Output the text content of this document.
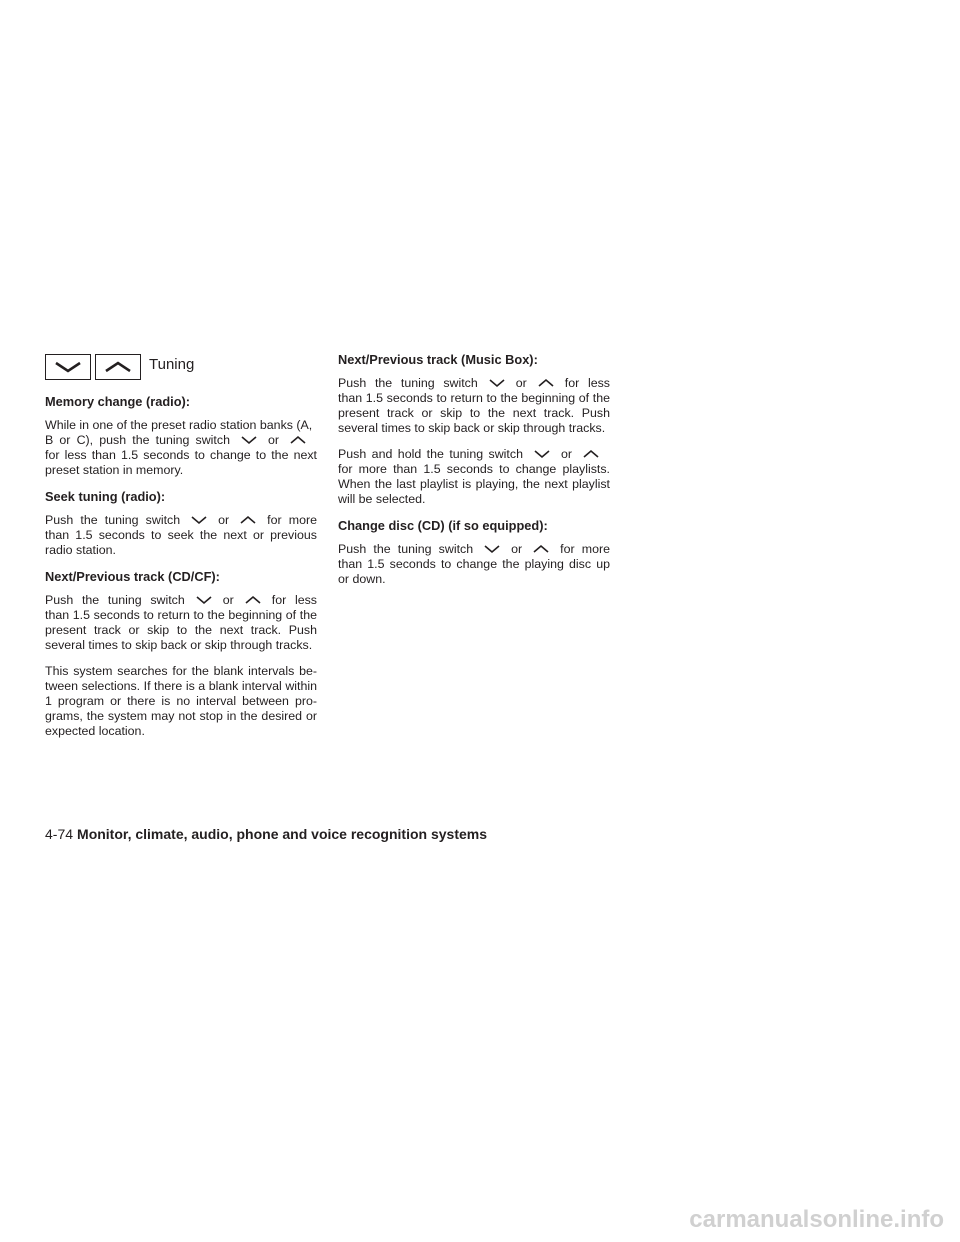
Tuning
Memory change (radio):

While in one of the preset radio station banks (A,
B or C), push the tuning switch	or
for less than 1.5 seconds to change to the next preset station in memory.

Seek tuning (radio):

Push the tuning switch	or	for more than 1.5 seconds to seek the next or previous radio station.

Next/Previous track (CD/CF):

Push the tuning switch	or	for less than 1.5 seconds to return to the beginning of the present track or skip to the next track. Push several times to skip back or skip through tracks.

This system searches for the blank intervals be-tween selections. If there is a blank interval within 1 program or there is no interval between pro-grams, the system may not stop in the desired or expected location.

Next/Previous track (Music Box):

Push the tuning switch	or	for less than 1.5 seconds to return to the beginning of the present track or skip to the next track. Push several times to skip back or skip through tracks.

Push and hold the tuning switch	or
for more than 1.5 seconds to change playlists. When the last playlist is playing, the next playlist will be selected.

Change disc (CD) (if so equipped):

Push the tuning switch	or	for more than 1.5 seconds to change the playing disc up or down.

4-74 Monitor, climate, audio, phone and voice recognition systems
carmanualsonline.info
